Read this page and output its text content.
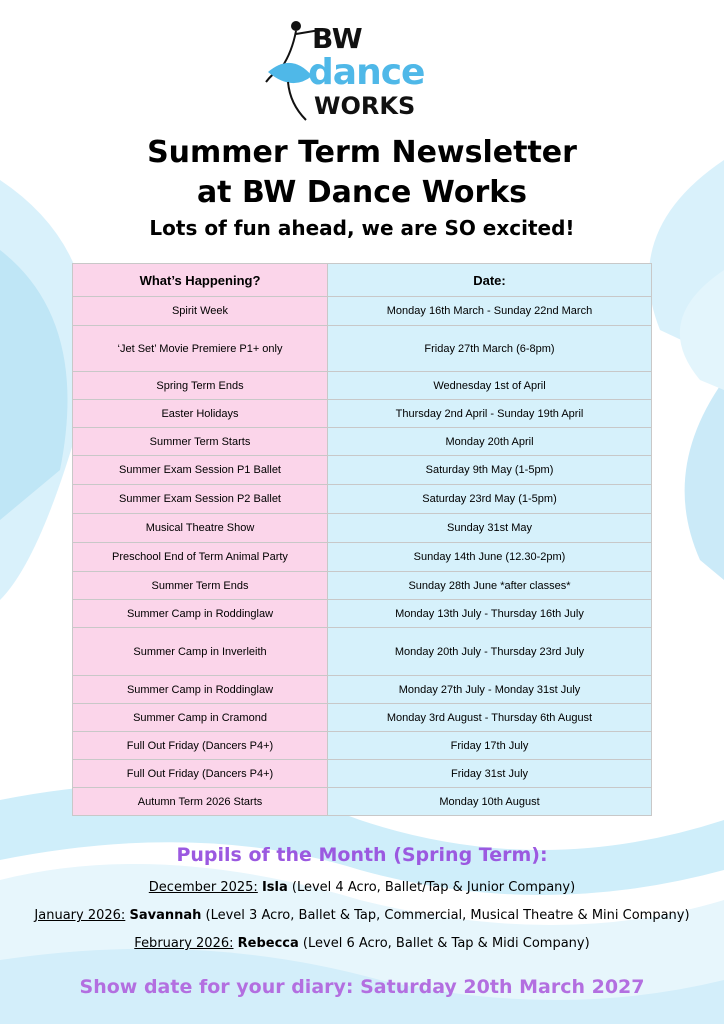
BW
dance
WORKS
Summer Term Newsletter
at BW Dance Works
Lots of fun ahead, we are SO excited!
What’s Happening?	Date:
Spirit Week	Monday 16th March - Sunday 22nd March
‘Jet Set’ Movie Premiere P1+ only	Friday 27th March (6-8pm)
Spring Term Ends	Wednesday 1st of April
Easter Holidays	Thursday 2nd April - Sunday 19th April
Summer Term Starts	Monday 20th April
Summer Exam Session P1 Ballet	Saturday 9th May (1-5pm)
Summer Exam Session P2 Ballet	Saturday 23rd May (1-5pm)
Musical Theatre Show	Sunday 31st May
Preschool End of Term Animal Party	Sunday 14th June (12.30-2pm)
Summer Term Ends	Sunday 28th June *after classes*
Summer Camp in Roddinglaw	Monday 13th July - Thursday 16th July
Summer Camp in Inverleith	Monday 20th July - Thursday 23rd July
Summer Camp in Roddinglaw	Monday 27th July - Monday 31st July
Summer Camp in Cramond	Monday 3rd August - Thursday 6th August
Full Out Friday (Dancers P4+)	Friday 17th July
Full Out Friday (Dancers P4+)	Friday 31st July
Autumn Term 2026 Starts	Monday 10th August
Pupils of the Month (Spring Term):
December 2025: Isla (Level 4 Acro, Ballet/Tap & Junior Company)
January 2026: Savannah (Level 3 Acro, Ballet & Tap, Commercial, Musical Theatre & Mini Company)
February 2026: Rebecca (Level 6 Acro, Ballet & Tap & Midi Company)
Show date for your diary: Saturday 20th March 2027
